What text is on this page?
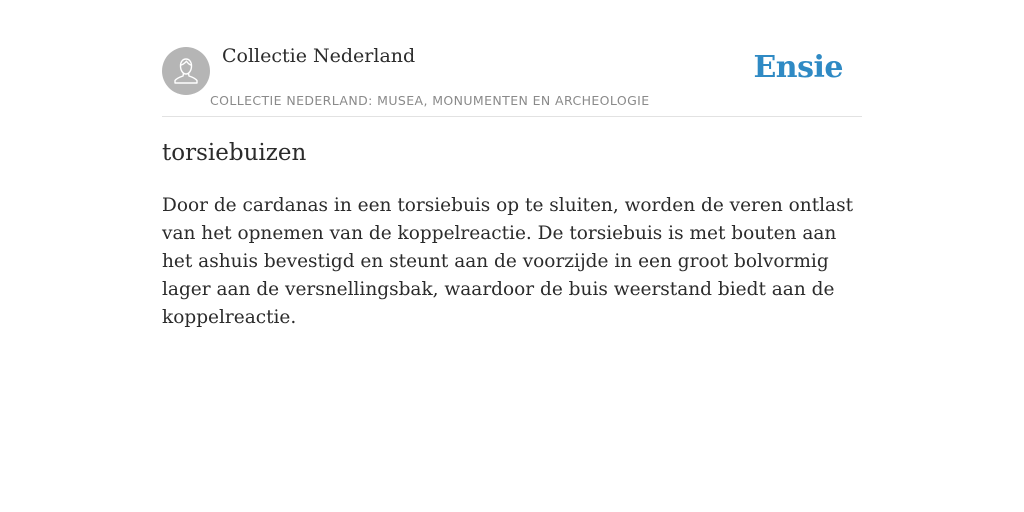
Collectie Nederland
COLLECTIE NEDERLAND: MUSEA, MONUMENTEN EN ARCHEOLOGIE
Ensie
torsiebuizen

Door de cardanas in een torsiebuis op te sluiten, worden de veren ontlast van het opnemen van de koppelreactie. De torsiebuis is met bouten aan het ashuis bevestigd en steunt aan de voorzijde in een groot bolvormig lager aan de versnellingsbak, waardoor de buis weerstand biedt aan de koppelreactie.
